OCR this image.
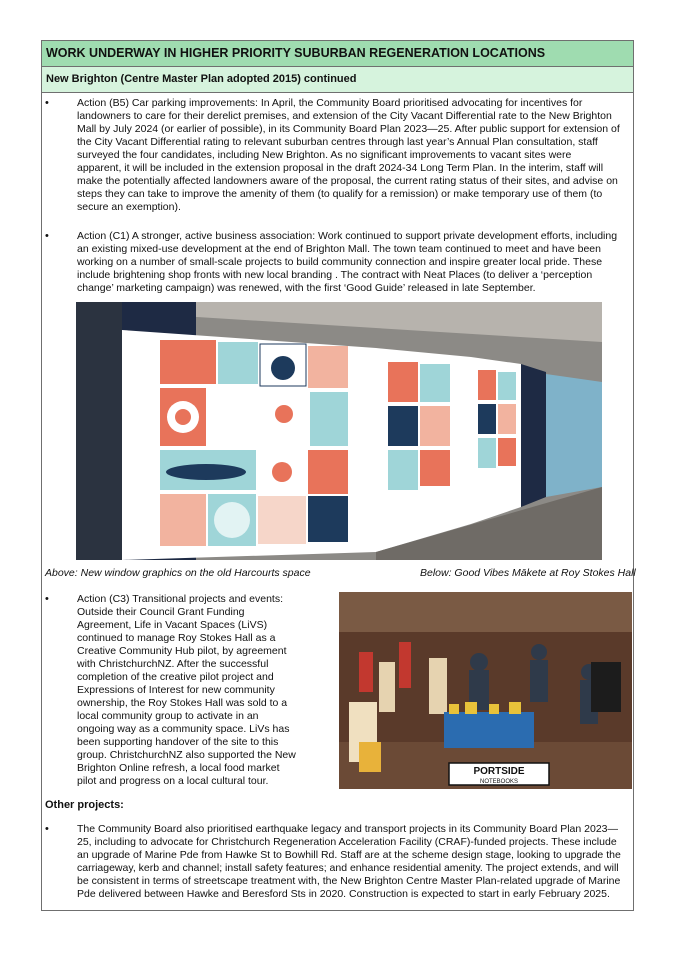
WORK UNDERWAY IN HIGHER PRIORITY SUBURBAN REGENERATION LOCATIONS
New Brighton (Centre Master Plan adopted 2015) continued
•	Action (B5) Car parking improvements: In April, the Community Board prioritised advocating for incentives for
landowners to care for their derelict premises, and extension of the City Vacant Differential rate to the New Brighton
Mall by July 2024 (or earlier of possible), in its Community Board Plan 2023—25. After public support for extension of
the City Vacant Differential rating to relevant suburban centres through last year’s Annual Plan consultation, staff
surveyed the four candidates, including New Brighton. As no significant improvements to vacant sites were
apparent, it will be included in the extension proposal in the draft 2024-34 Long Term Plan. In the interim, staff will
make the potentially affected landowners aware of the proposal, the current rating status of their sites, and advise on
steps they can take to improve the amenity of them (to qualify for a remission) or make temporary use of them (to
secure an exemption).
•	Action (C1) A stronger, active business association: Work continued to support private development efforts, including
an existing mixed-use development at the end of Brighton Mall. The town team continued to meet and have been
working on a number of small-scale projects to build community connection and inspire greater local pride. These
include brightening shop fronts with new local branding . The contract with Neat Places (to deliver a ‘perception
change’ marketing campaign) was renewed, with the first ‘Good Guide’ released in late September.
Above: New window graphics on the old Harcourts space	Below: Good Vibes Mākete at Roy Stokes Hall
•	Action (C3) Transitional projects and events:
Outside their Council Grant Funding
Agreement, Life in Vacant Spaces (LiVS)
continued to manage Roy Stokes Hall as a
Creative Community Hub pilot, by agreement
with ChristchurchNZ. After the successful
completion of the creative pilot project and
Expressions of Interest for new community
ownership, the Roy Stokes Hall was sold to a
local community group to activate in an
ongoing way as a community space. LiVs has
been supporting handover of the site to this
group. ChristchurchNZ also supported the New
Brighton Online refresh, a local food market
pilot and progress on a local cultural tour.
PORTSIDE
NOTEBOOKS
Other projects:
•	The Community Board also prioritised earthquake legacy and transport projects in its Community Board Plan 2023—
25, including to advocate for Christchurch Regeneration Acceleration Facility (CRAF)-funded projects. These include
an upgrade of Marine Pde from Hawke St to Bowhill Rd. Staff are at the scheme design stage, looking to upgrade the
carriageway, kerb and channel; install safety features; and enhance residential amenity. The project extends, and will
be consistent in terms of streetscape treatment with, the New Brighton Centre Master Plan-related upgrade of Marine
Pde delivered between Hawke and Beresford Sts in 2020. Construction is expected to start in early February 2025.
